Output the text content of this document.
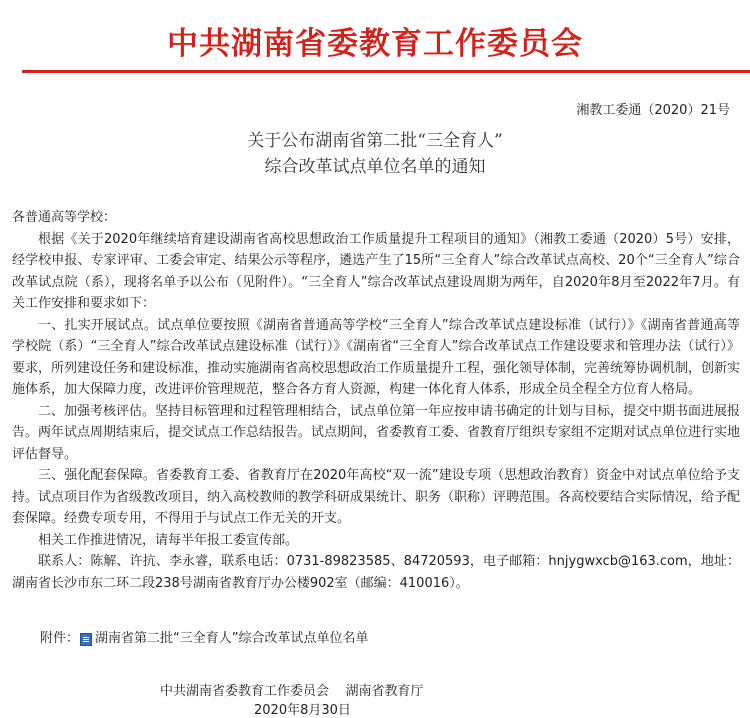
中共湖南省委教育工作委员会
湘教工委通（2020）21号
关于公布湖南省第二批“三全育人”
综合改革试点单位名单的通知

各普通高等学校：

根据《关于2020年继续培育建设湖南省高校思想政治工作质量提升工程项目的通知》（湘教工委通（2020）5号）安排，经学校申报、专家评审、工委会审定、结果公示等程序，遴选产生了15所“三全育人”综合改革试点高校、20个“三全育人”综合改革试点院（系），现将名单予以公布（见附件）。“三全育人”综合改革试点建设周期为两年，自2020年8月至2022年7月。有关工作安排和要求如下：

一、扎实开展试点。试点单位要按照《湖南省普通高等学校“三全育人”综合改革试点建设标准（试行）》《湖南省普通高等学校院（系）“三全育人”综合改革试点建设标准（试行）》《湖南省“三全育人”综合改革试点工作建设要求和管理办法（试行）》要求，所列建设任务和建设标准，推动实施湖南省高校思想政治工作质量提升工程，强化领导体制，完善统筹协调机制，创新实施体系，加大保障力度，改进评价管理规范，整合各方育人资源，构建一体化育人体系，形成全员全程全方位育人格局。

二、加强考核评估。坚持目标管理和过程管理相结合，试点单位第一年应按申请书确定的计划与目标，提交中期书面进展报告。两年试点周期结束后，提交试点工作总结报告。试点期间，省委教育工委、省教育厅组织专家组不定期对试点单位进行实地评估督导。

三、强化配套保障。省委教育工委、省教育厅在2020年高校“双一流”建设专项（思想政治教育）资金中对试点单位给予支持。试点项目作为省级教改项目，纳入高校教师的教学科研成果统计、职务（职称）评聘范围。各高校要结合实际情况，给予配套保障。经费专项专用，不得用于与试点工作无关的开支。

相关工作推进情况，请每半年报工委宣传部。

联系人：陈解、许抗、李永睿，联系电话：0731-89823585、84720593，电子邮箱：hnjygwxcb@163.com，地址：湖南省长沙市东二环二段238号湖南省教育厅办公楼902室（邮编：410016）。

附件： 湖南省第二批“三全育人”综合改革试点单位名单
中共湖南省委教育工作委员会    湖南省教育厅
2020年8月30日
